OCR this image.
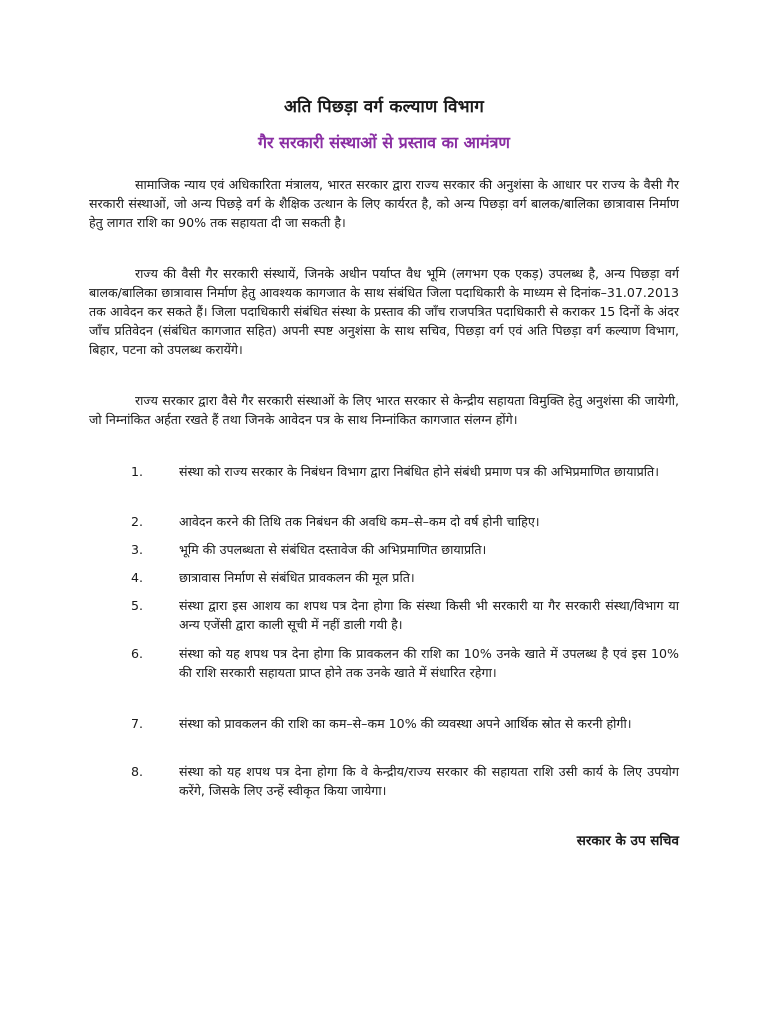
अति पिछड़ा वर्ग कल्याण विभाग
गैर सरकारी संस्थाओं से प्रस्ताव का आमंत्रण

सामाजिक न्याय एवं अधिकारिता मंत्रालय, भारत सरकार द्वारा राज्य सरकार की अनुशंसा के आधार पर राज्य के वैसी गैर सरकारी संस्थाओं, जो अन्य पिछड़े वर्ग के शैक्षिक उत्थान के लिए कार्यरत है, को अन्य पिछड़ा वर्ग बालक/बालिका छात्रावास निर्माण हेतु लागत राशि का 90% तक सहायता दी जा सकती है।

राज्य की वैसी गैर सरकारी संस्थायें, जिनके अधीन पर्याप्त वैध भूमि (लगभग एक एकड़) उपलब्ध है, अन्य पिछड़ा वर्ग बालक/बालिका छात्रावास निर्माण हेतु आवश्यक कागजात के साथ संबंधित जिला पदाधिकारी के माध्यम से दिनांक–31.07.2013 तक आवेदन कर सकते हैं। जिला पदाधिकारी संबंधित संस्था के प्रस्ताव की जाँच राजपत्रित पदाधिकारी से कराकर 15 दिनों के अंदर जाँच प्रतिवेदन (संबंधित कागजात सहित) अपनी स्पष्ट अनुशंसा के साथ सचिव, पिछड़ा वर्ग एवं अति पिछड़ा वर्ग कल्याण विभाग, बिहार, पटना को उपलब्ध करायेंगे।

राज्य सरकार द्वारा वैसे गैर सरकारी संस्थाओं के लिए भारत सरकार से केन्द्रीय सहायता विमुक्ति हेतु अनुशंसा की जायेगी, जो निम्नांकित अर्हता रखते हैं तथा जिनके आवेदन पत्र के साथ निम्नांकित कागजात संलग्न होंगे।

1.	संस्था को राज्य सरकार के निबंधन विभाग द्वारा निबंधित होने संबंधी प्रमाण पत्र की अभिप्रमाणित छायाप्रति।
2.	आवेदन करने की तिथि तक निबंधन की अवधि कम–से–कम दो वर्ष होनी चाहिए।
3.	भूमि की उपलब्धता से संबंधित दस्तावेज की अभिप्रमाणित छायाप्रति।
4.	छात्रावास निर्माण से संबंधित प्रावकलन की मूल प्रति।
5.	संस्था द्वारा इस आशय का शपथ पत्र देना होगा कि संस्था किसी भी सरकारी या गैर सरकारी संस्था/विभाग या अन्य एजेंसी द्वारा काली सूची में नहीं डाली गयी है।
6.	संस्था को यह शपथ पत्र देना होगा कि प्रावकलन की राशि का 10% उनके खाते में उपलब्ध है एवं इस 10% की राशि सरकारी सहायता प्राप्त होने तक उनके खाते में संधारित रहेगा।
7.	संस्था को प्रावकलन की राशि का कम–से–कम 10% की व्यवस्था अपने आर्थिक स्रोत से करनी होगी।
8.	संस्था को यह शपथ पत्र देना होगा कि वे केन्द्रीय/राज्य सरकार की सहायता राशि उसी कार्य के लिए उपयोग करेंगे, जिसके लिए उन्हें स्वीकृत किया जायेगा।
सरकार के उप सचिव
